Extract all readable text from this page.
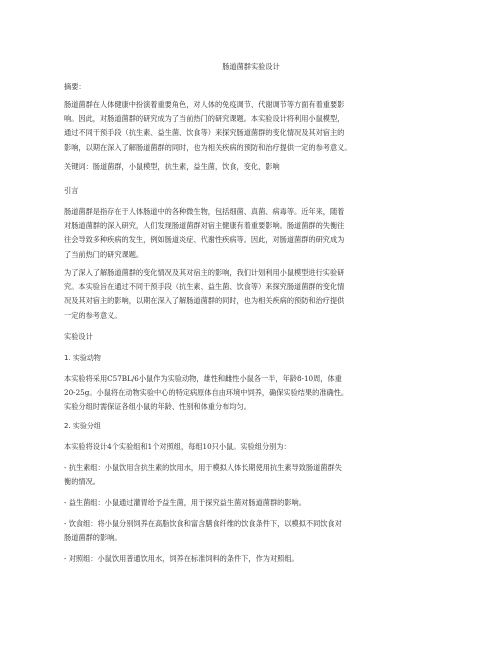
肠道菌群实验设计
摘要：
肠道菌群在人体健康中扮演着重要角色，对人体的免疫调节、代谢调节等方面有着重要影
响。因此，对肠道菌群的研究成为了当前热门的研究课题。本实验设计将利用小鼠模型，
通过不同干预手段（抗生素、益生菌、饮食等）来探究肠道菌群的变化情况及其对宿主的
影响，以期在深入了解肠道菌群的同时，也为相关疾病的预防和治疗提供一定的参考意义。
关键词：肠道菌群，小鼠模型，抗生素，益生菌，饮食，变化，影响
引言
肠道菌群是指存在于人体肠道中的各种微生物，包括细菌、真菌、病毒等。近年来，随着
对肠道菌群的深入研究，人们发现肠道菌群对宿主健康有着重要影响。肠道菌群的失衡往
往会导致多种疾病的发生，例如肠道炎症、代谢性疾病等。因此，对肠道菌群的研究成为
了当前热门的研究课题。
为了深入了解肠道菌群的变化情况及其对宿主的影响，我们计划利用小鼠模型进行实验研
究。本实验旨在通过不同干预手段（抗生素、益生菌、饮食等）来探究肠道菌群的变化情
况及其对宿主的影响，以期在深入了解肠道菌群的同时，也为相关疾病的预防和治疗提供
一定的参考意义。
实验设计
1. 实验动物
本实验将采用C57BL/6小鼠作为实验动物，雄性和雌性小鼠各一半，年龄8-10周，体重
20-25g。小鼠将在动物实验中心的特定病原体自由环境中饲养，确保实验结果的准确性。
实验分组时需保证各组小鼠的年龄、性别和体重分布均匀。
2. 实验分组
本实验将设计4个实验组和1个对照组，每组10只小鼠。实验组分别为：
- 抗生素组：小鼠饮用含抗生素的饮用水，用于模拟人体长期使用抗生素导致肠道菌群失
衡的情况。
- 益生菌组：小鼠通过灌胃给予益生菌，用于探究益生菌对肠道菌群的影响。
- 饮食组：将小鼠分别饲养在高脂饮食和富含膳食纤维的饮食条件下，以模拟不同饮食对
肠道菌群的影响。
- 对照组：小鼠饮用普通饮用水，饲养在标准饲料的条件下，作为对照组。
